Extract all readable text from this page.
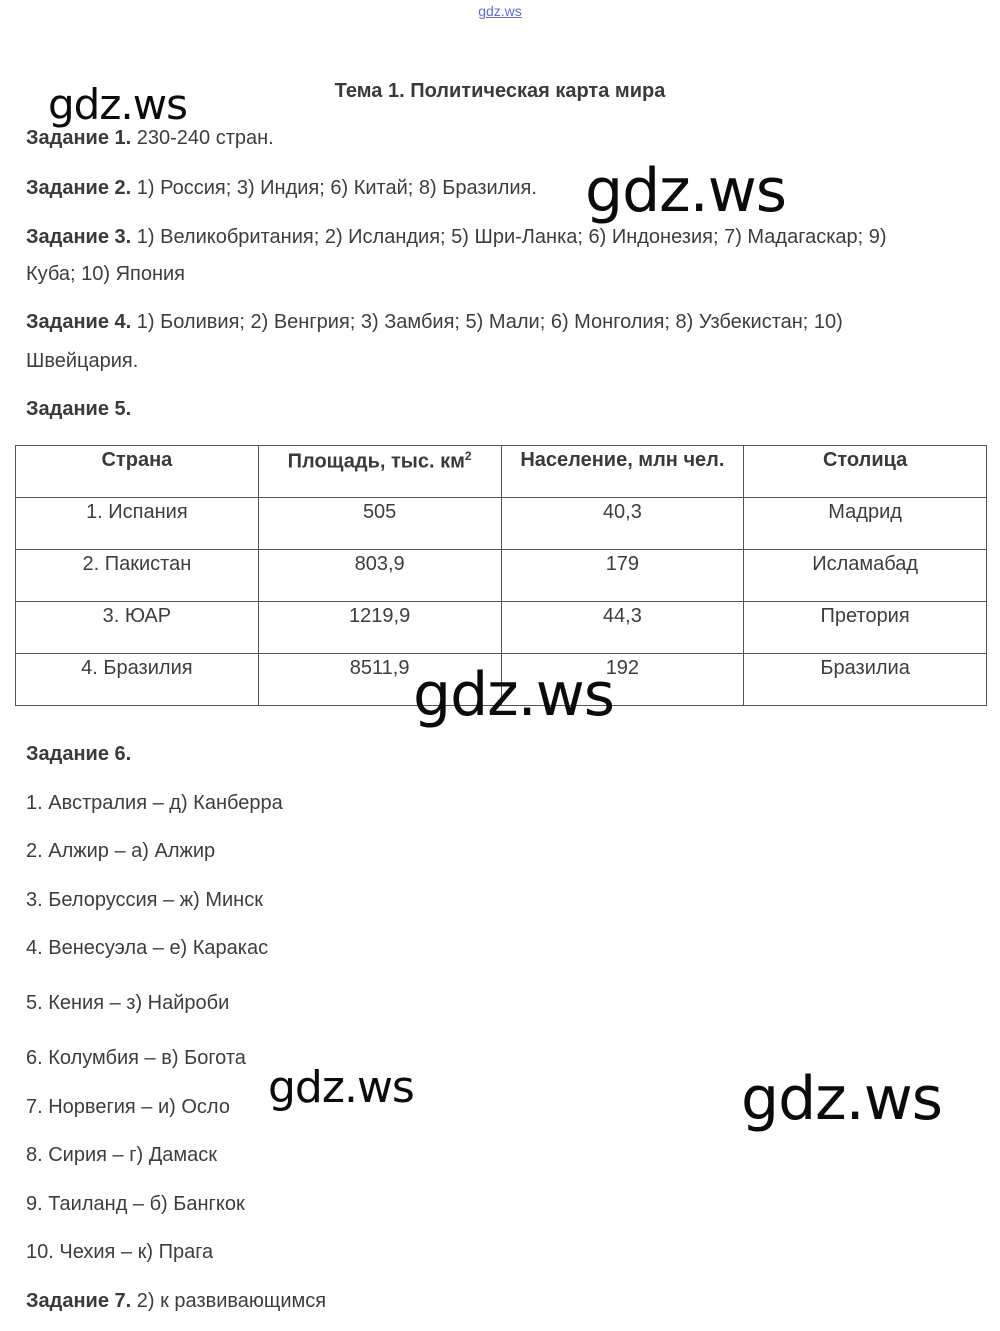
gdz.ws
gdz.ws	Тема 1. Политическая карта мира
Задание 1. 230-240 стран.
Задание 2. 1) Россия; 3) Индия; 6) Китай; 8) Бразилия. gdz.ws
Задание 3. 1) Великобритания; 2) Исландия; 5) Шри-Ланка; 6) Индонезия; 7) Мадагаскар; 9)
Куба; 10) Япония
Задание 4. 1) Боливия; 2) Венгрия; 3) Замбия; 5) Мали; 6) Монголия; 8) Узбекистан; 10)
Швейцария.
Задание 5.
Страна	Площадь, тыс. $км^2$	Население, млн чел.	Столица
1. Испания	505	40,3	Мадрид
2. Пакистан	803,9	179	Исламабад
3. ЮАР	1219,9	44,3	Претория
4. Бразилия	8511,9	192	Бразилиа
gdz.ws
Задание 6.
1. Австралия – д) Канберра
2. Алжир – а) Алжир
3. Белоруссия – ж) Минск
4. Венесуэла – е) Каракас
5. Кения – з) Найроби
6. Колумбия – в) Богота
7. Норвегия – и) Осло
8. Сирия – г) Дамаск
9. Таиланд – б) Бангкок
10. Чехия – к) Прага
gdz.ws	gdz.ws
Задание 7. 2) к развивающимся
